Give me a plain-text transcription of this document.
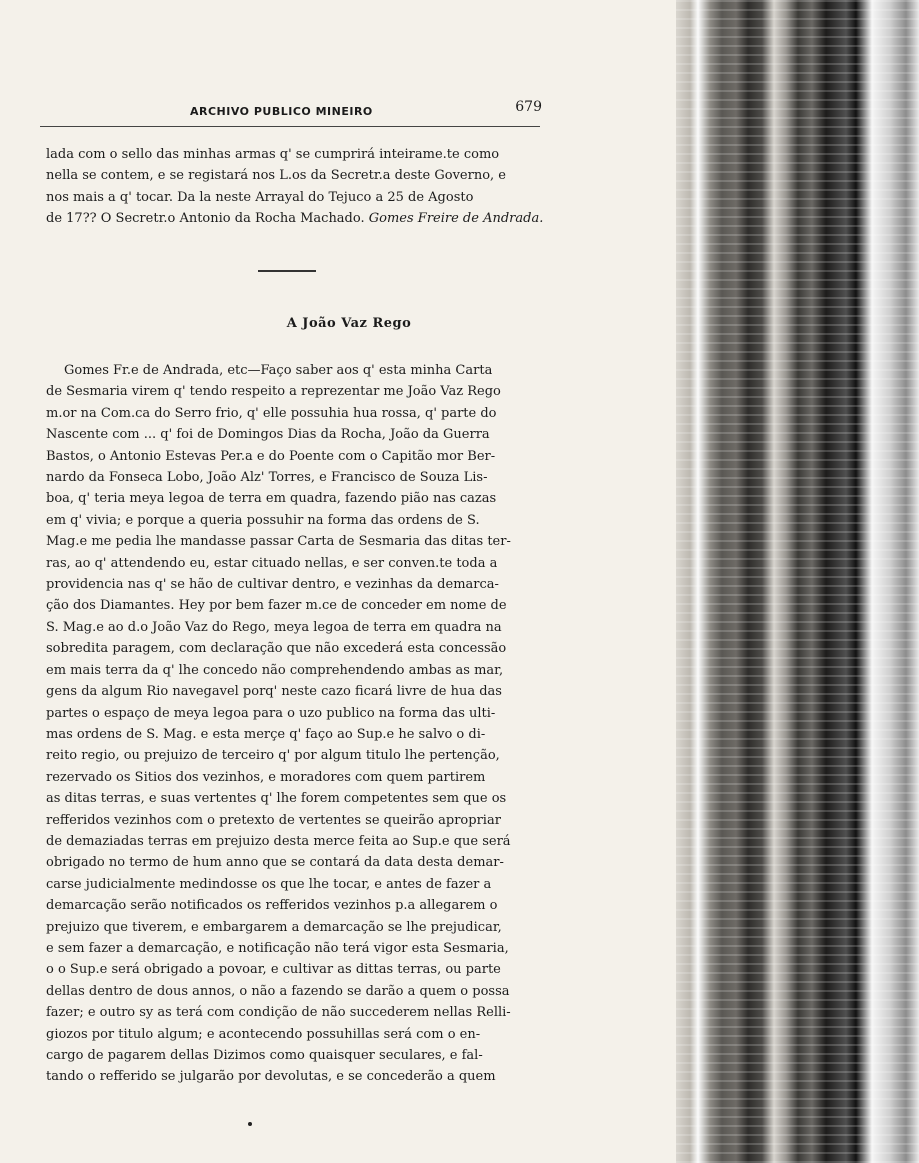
ARCHIVO PUBLICO MINEIRO	679
lada com o sello das minhas armas q' se cumprirá inteirame.te como
nella se contem, e se registará nos L.os da Secretr.a deste Governo, e
nos mais a q' tocar. Da la neste Arrayal do Tejuco a 25 de Agosto
de 17?? O Secretr.o Antonio da Rocha Machado. Gomes Freire de Andrada.
A João Vaz Rego
Gomes Fr.e de Andrada, etc—Faço saber aos q' esta minha Carta
de Sesmaria virem q' tendo respeito a reprezentar me João Vaz Rego
m.or na Com.ca do Serro frio, q' elle possuhia hua rossa, q' parte do
Nascente com ... q' foi de Domingos Dias da Rocha, João da Guerra
Bastos, o Antonio Estevas Per.a e do Poente com o Capitão mor Ber-
nardo da Fonseca Lobo, João Alz' Torres, e Francisco de Souza Lis-
boa, q' teria meya legoa de terra em quadra, fazendo pião nas cazas
em q' vivia; e porque a queria possuhir na forma das ordens de S.
Mag.e me pedia lhe mandasse passar Carta de Sesmaria das ditas ter-
ras, ao q' attendendo eu, estar cituado nellas, e ser conven.te toda a
providencia nas q' se hão de cultivar dentro, e vezinhas da demarca-
ção dos Diamantes. Hey por bem fazer m.ce de conceder em nome de
S. Mag.e ao d.o João Vaz do Rego, meya legoa de terra em quadra na
sobredita paragem, com declaração que não excederá esta concessão
em mais terra da q' lhe concedo não comprehendendo ambas as mar,
gens da algum Rio navegavel porq' neste cazo ficará livre de hua das
partes o espaço de meya legoa para o uzo publico na forma das ulti-
mas ordens de S. Mag. e esta merçe q' faço ao Sup.e he salvo o di-
reito regio, ou prejuizo de terceiro q' por algum titulo lhe pertenção,
rezervado os Sitios dos vezinhos, e moradores com quem partirem
as ditas terras, e suas vertentes q' lhe forem competentes sem que os
refferidos vezinhos com o pretexto de vertentes se queirão apropriar
de demaziadas terras em prejuizo desta merce feita ao Sup.e que será
obrigado no termo de hum anno que se contará da data desta demar-
carse judicialmente medindosse os que lhe tocar, e antes de fazer a
demarcação serão notificados os refferidos vezinhos p.a allegarem o
prejuizo que tiverem, e embargarem a demarcação se lhe prejudicar,
e sem fazer a demarcação, e notificação não terá vigor esta Sesmaria,
o o Sup.e será obrigado a povoar, e cultivar as dittas terras, ou parte
dellas dentro de dous annos, o não a fazendo se darão a quem o possa
fazer; e outro sy as terá com condição de não succederem nellas Relli-
giozos por titulo algum; e acontecendo possuhillas será com o en-
cargo de pagarem dellas Dizimos como quaisquer seculares, e fal-
tando o refferido se julgarão por devolutas, e se concederão a quem
